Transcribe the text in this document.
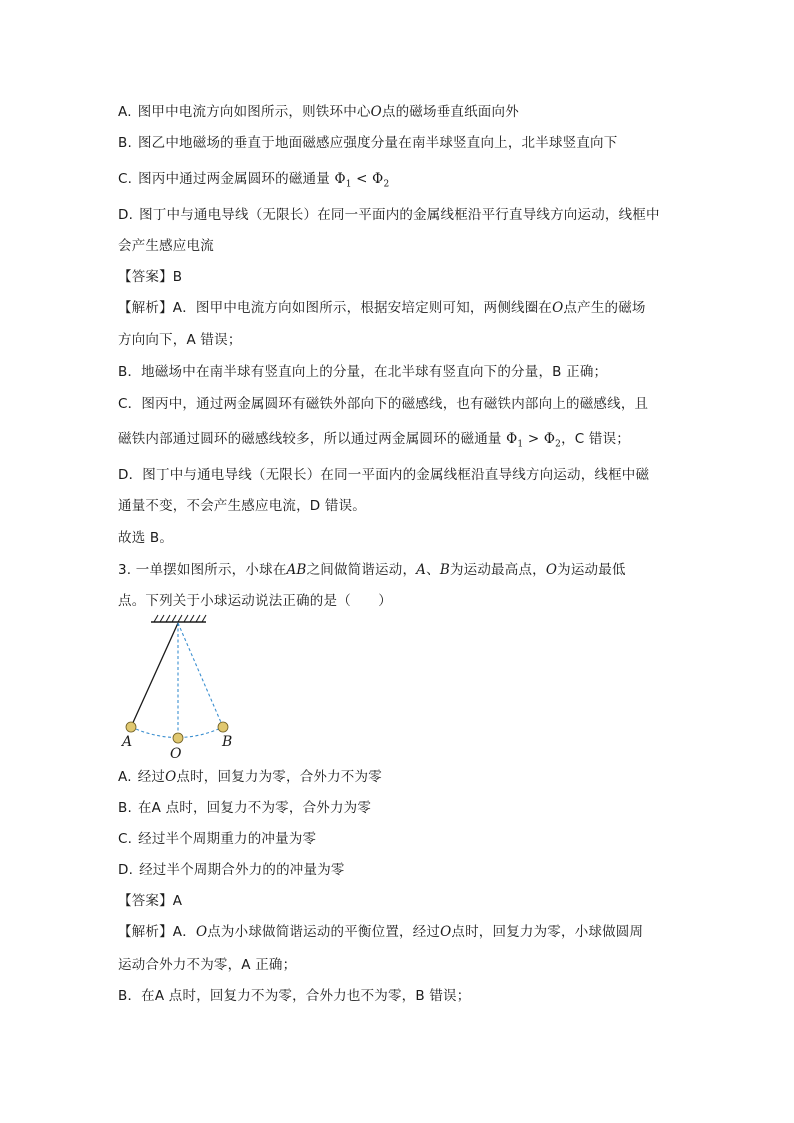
A. 图甲中电流方向如图所示，则铁环中心O点的磁场垂直纸面向外
B. 图乙中地磁场的垂直于地面磁感应强度分量在南半球竖直向上，北半球竖直向下
C. 图丙中通过两金属圆环的磁通量 $\Phi_1 < \Phi_2$
D. 图丁中与通电导线（无限长）在同一平面内的金属线框沿平行直导线方向运动，线框中
会产生感应电流
【答案】B
【解析】A．图甲中电流方向如图所示，根据安培定则可知，两侧线圈在O点产生的磁场
方向向下，A 错误；
B．地磁场中在南半球有竖直向上的分量，在北半球有竖直向下的分量，B 正确；
C．图丙中，通过两金属圆环有磁铁外部向下的磁感线，也有磁铁内部向上的磁感线，且
磁铁内部通过圆环的磁感线较多，所以通过两金属圆环的磁通量 $\Phi_1 > \Phi_2$，C 错误；
D．图丁中与通电导线（无限长）在同一平面内的金属线框沿直导线方向运动，线框中磁
通量不变，不会产生感应电流，D 错误。
故选 B。
3. 一单摆如图所示，小球在AB之间做简谐运动，A、B为运动最高点，O为运动最低
点。下列关于小球运动说法正确的是（　　）
A
O
B
A. 经过O点时，回复力为零，合外力不为零
B. 在A 点时，回复力不为零，合外力为零
C. 经过半个周期重力的冲量为零
D. 经过半个周期合外力的的冲量为零
【答案】A
【解析】A．O点为小球做简谐运动的平衡位置，经过O点时，回复力为零，小球做圆周
运动合外力不为零，A 正确；
B．在A 点时，回复力不为零，合外力也不为零，B 错误；
